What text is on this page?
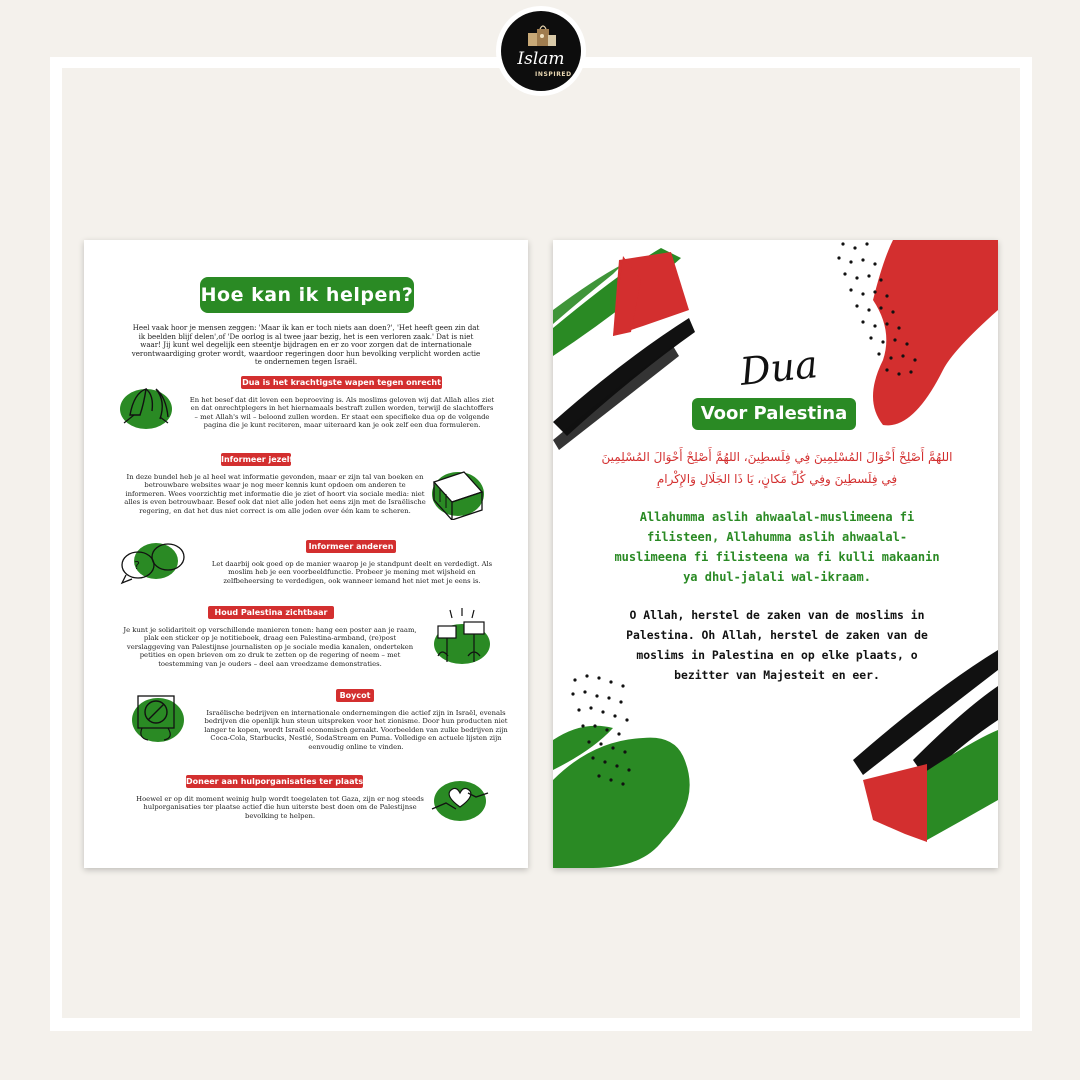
Islam
INSPIRED
Hoe kan ik helpen?
Heel vaak hoor je mensen zeggen: 'Maar ik kan er toch niets aan doen?', 'Het heeft geen zin dat ik beelden blijf delen',of 'De oorlog is al twee jaar bezig, het is een verloren zaak.' Dat is niet waar! Jij kunt wel degelijk een steentje bijdragen en er zo voor zorgen dat de internationale verontwaardiging groter wordt, waardoor regeringen door hun bevolking verplicht worden actie te ondernemen tegen Israël.
Dua is het krachtigste wapen tegen onrecht
En het besef dat dit leven een beproeving is. Als moslims geloven wij dat Allah alles ziet en dat onrechtplegers in het hiernamaals bestraft zullen worden, terwijl de slachtoffers – met Allah's wil – beloond zullen worden. Er staat een specifieke dua op de volgende pagina die je kunt reciteren, maar uiteraard kan je ook zelf een dua formuleren.
Informeer jezelf
In deze bundel heb je al heel wat informatie gevonden, maar er zijn tal van boeken en betrouwbare websites waar je nog meer kennis kunt opdoen om anderen te informeren. Wees voorzichtig met informatie die je ziet of hoort via sociale media: niet alles is even betrouwbaar. Besef ook dat niet alle joden het eens zijn met de Israëlische regering, en dat het dus niet correct is om alle joden over één kam te scheren.
Informeer anderen
Let daarbij ook goed op de manier waarop je je standpunt deelt en verdedigt. Als moslim heb je een voorbeeldfunctie. Probeer je mening met wijsheid en zelfbeheersing te verdedigen, ook wanneer iemand het niet met je eens is.
?
Houd Palestina zichtbaar
Je kunt je solidariteit op verschillende manieren tonen: hang een poster aan je raam, plak een sticker op je notitieboek, draag een Palestina-armband, (re)post verslaggeving van Palestijnse journalisten op je sociale media kanalen, onderteken petities en open brieven om zo druk te zetten op de regering of neem – met toestemming van je ouders – deel aan vreedzame demonstraties.
Boycot
Israëlische bedrijven en internationale ondernemingen die actief zijn in Israël, evenals bedrijven die openlijk hun steun uitspreken voor het zionisme. Door hun producten niet langer te kopen, wordt Israël economisch geraakt. Voorbeelden van zulke bedrijven zijn Coca-Cola, Starbucks, Nestlé, SodaStream en Puma. Volledige en actuele lijsten zijn eenvoudig online te vinden.
Doneer aan hulporganisaties ter plaatse
Hoewel er op dit moment weinig hulp wordt toegelaten tot Gaza, zijn er nog steeds hulporganisaties ter plaatse actief die hun uiterste best doen om de Palestijnse bevolking te helpen.
Dua
Voor Palestina
اللهُمَّ أَصْلِحْ أَحْوَالَ المُسْلِمِينَ فِي فِلَسطِينَ، اللهُمَّ أَصْلِحْ أَحْوَالَ المُسْلِمِينَ فِي فِلَسطِينَ وفِي كُلِّ مَكانٍ، يَا ذَا الجَلَالِ وَالإِكْرامِ
Allahumma aslih ahwaalal-muslimeena fi filisteen, Allahumma aslih ahwaalal-muslimeena fi filisteena wa fi kulli makaanin ya dhul-jalali wal-ikraam.
O Allah, herstel de zaken van de moslims in Palestina. Oh Allah, herstel de zaken van de moslims in Palestina en op elke plaats, o bezitter van Majesteit en eer.
